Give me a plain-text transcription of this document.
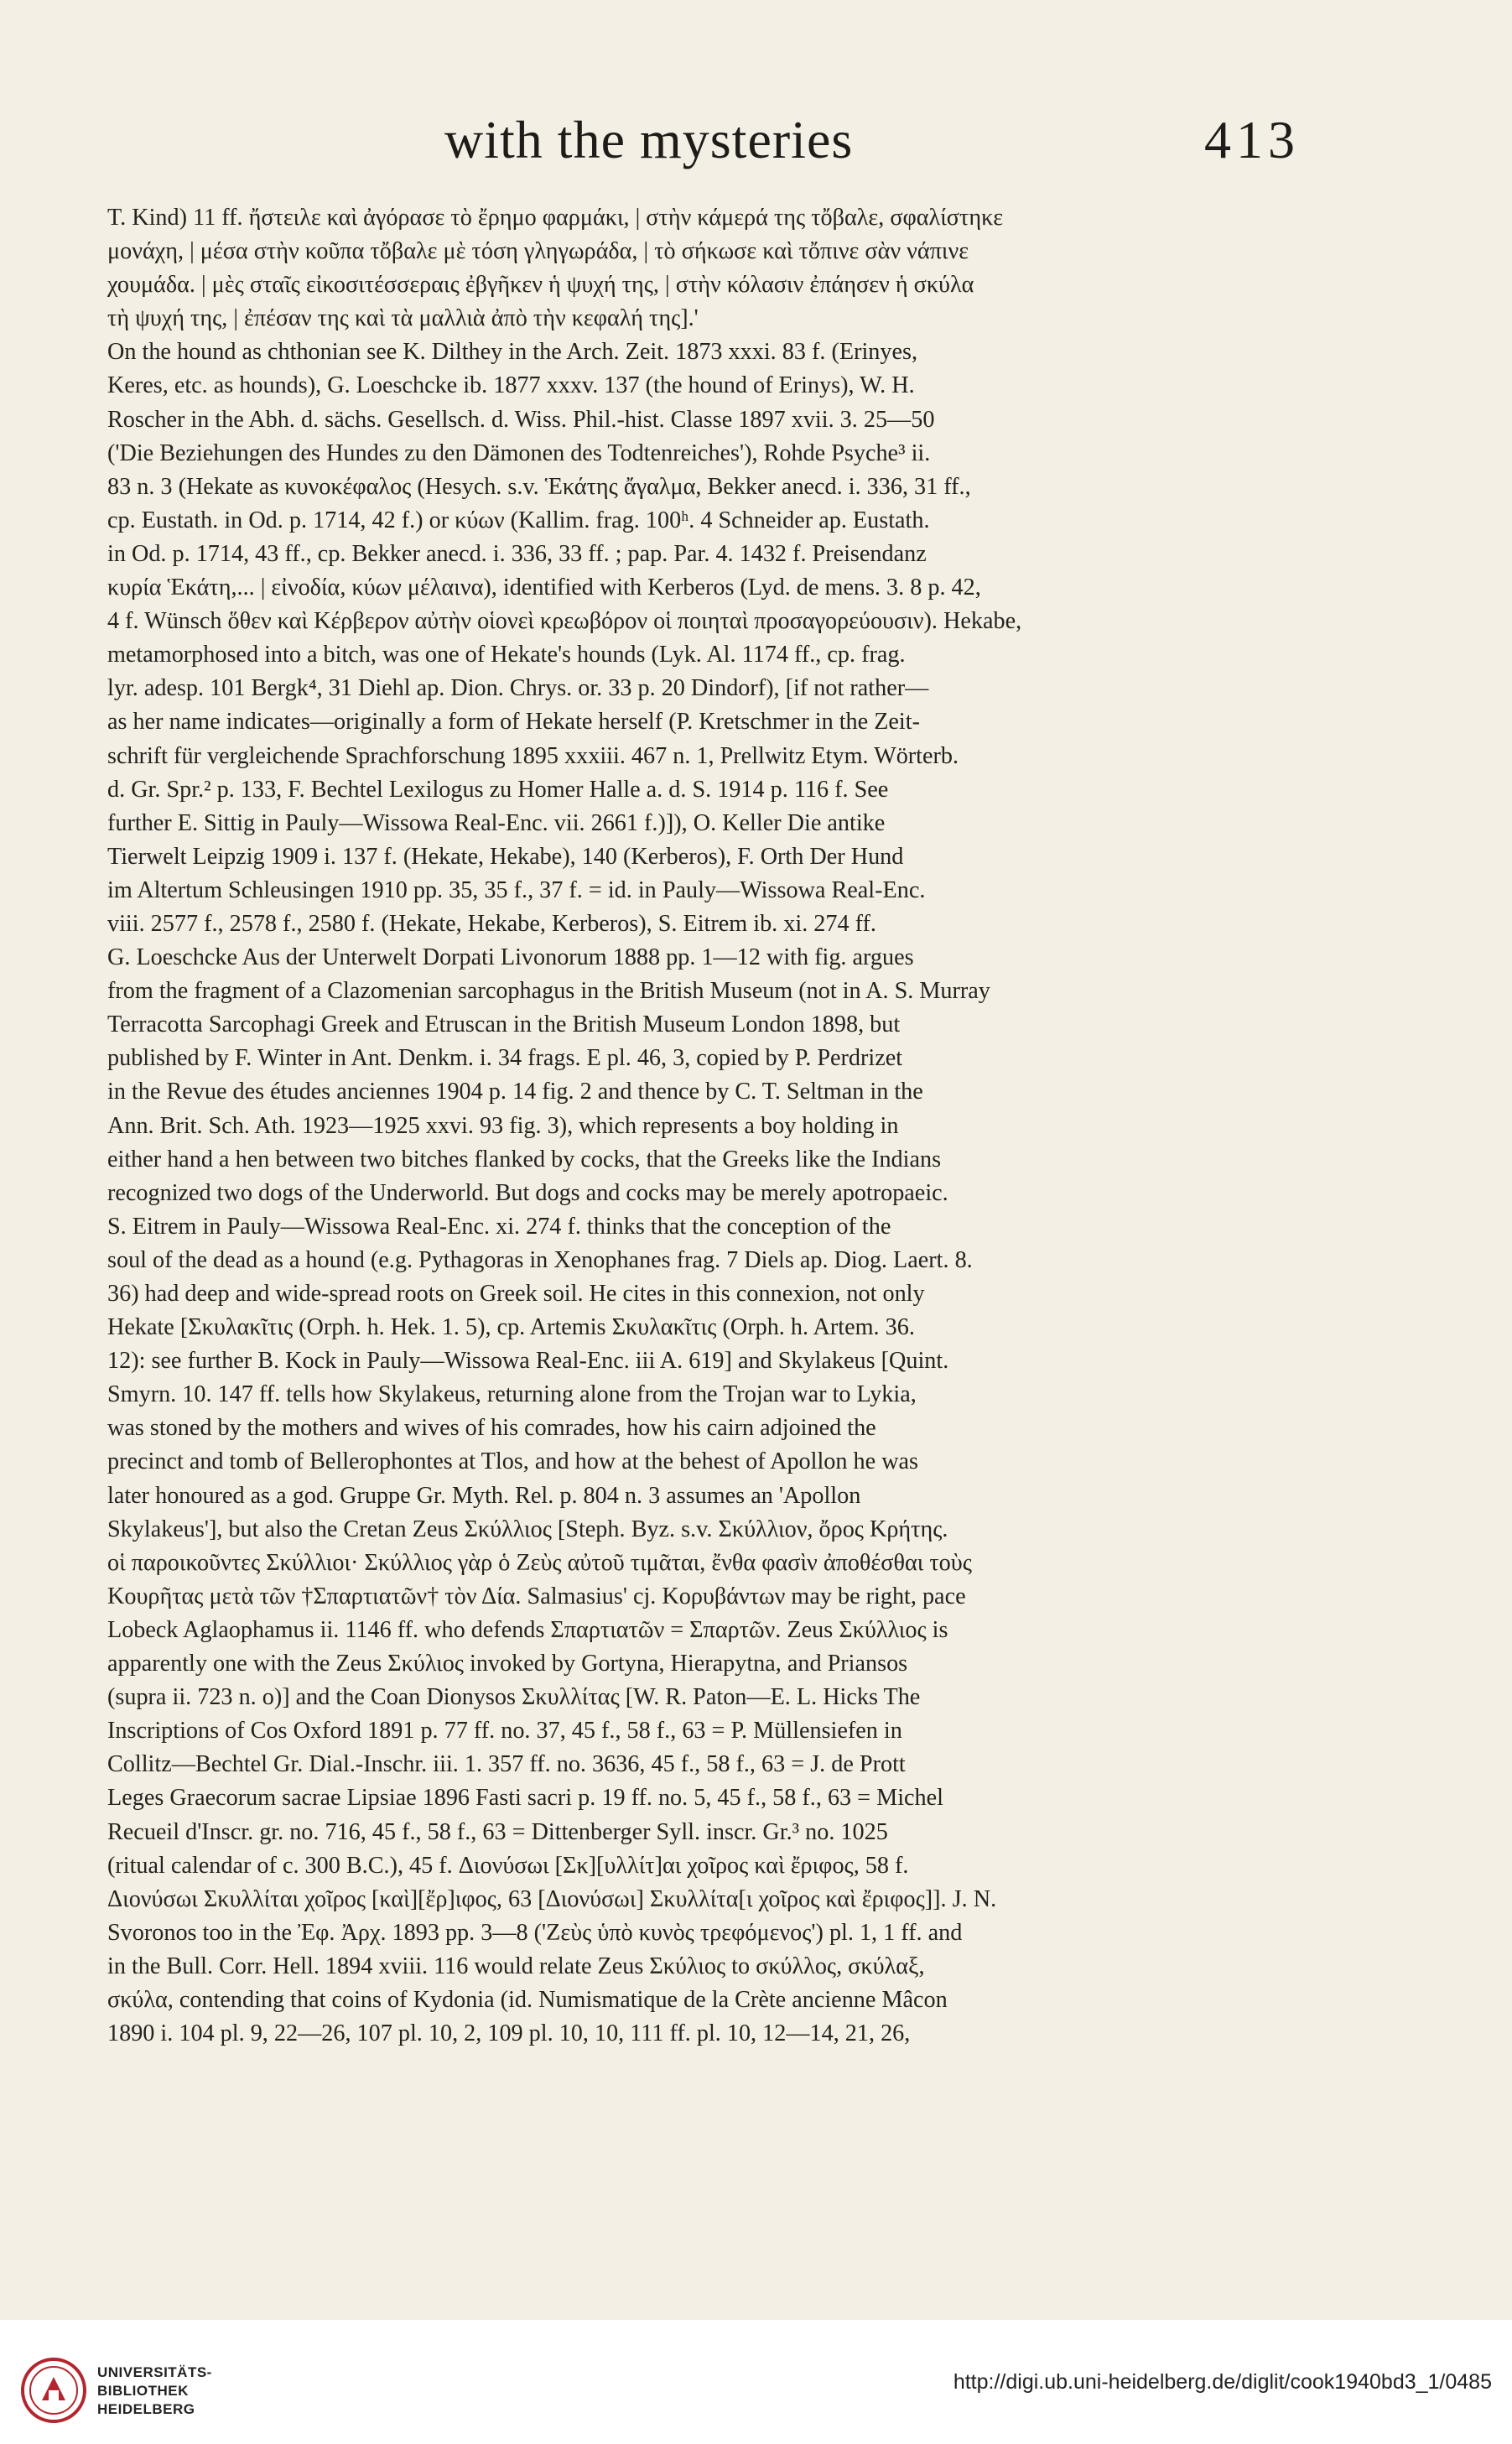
with the mysteries	413

T. Kind) 11 ff. ἤστειλε καὶ ἀγόρασε τὸ ἔρημο φαρμάκι, | στὴν κάμερά της τὄβαλε, σφαλίστηκε

μονάχη, | μέσα στὴν κοῦπα τὄβαλε μὲ τόση γληγωράδα, | τὸ σήκωσε καὶ τὄπινε σὰν νάπινε

χουμάδα. | μὲς σταῖς εἰκοσιτέσσεραις ἐβγῆκεν ἡ ψυχή της, | στὴν κόλασιν ἐπάησεν ἡ σκύλα

τὴ ψυχή της, | ἐπέσαν της καὶ τὰ μαλλιὰ ἀπὸ τὴν κεφαλή της].'

On the hound as chthonian see K. Dilthey in the Arch. Zeit. 1873 xxxi. 83 f. (Erinyes,

Keres, etc. as hounds), G. Loeschcke ib. 1877 xxxv. 137 (the hound of Erinys), W. H.

Roscher in the Abh. d. sächs. Gesellsch. d. Wiss. Phil.-hist. Classe 1897 xvii. 3. 25—50

('Die Beziehungen des Hundes zu den Dämonen des Todtenreiches'), Rohde Psyche³ ii.

83 n. 3 (Hekate as κυνοκέφαλος (Hesych. s.v. Ἑκάτης ἄγαλμα, Bekker anecd. i. 336, 31 ff.,

cp. Eustath. in Od. p. 1714, 42 f.) or κύων (Kallim. frag. 100ʰ. 4 Schneider ap. Eustath.

in Od. p. 1714, 43 ff., cp. Bekker anecd. i. 336, 33 ff. ; pap. Par. 4. 1432 f. Preisendanz

κυρία Ἑκάτη,... | εἰνοδία, κύων μέλαινα), identified with Kerberos (Lyd. de mens. 3. 8 p. 42,

4 f. Wünsch ὅθεν καὶ Κέρβερον αὐτὴν οἱονεὶ κρεωβόρον οἱ ποιηταὶ προσαγορεύουσιν). Hekabe,

metamorphosed into a bitch, was one of Hekate's hounds (Lyk. Al. 1174 ff., cp. frag.

lyr. adesp. 101 Bergk⁴, 31 Diehl ap. Dion. Chrys. or. 33 p. 20 Dindorf), [if not rather—

as her name indicates—originally a form of Hekate herself (P. Kretschmer in the Zeit-

schrift für vergleichende Sprachforschung 1895 xxxiii. 467 n. 1, Prellwitz Etym. Wörterb.

d. Gr. Spr.² p. 133, F. Bechtel Lexilogus zu Homer Halle a. d. S. 1914 p. 116 f. See

further E. Sittig in Pauly—Wissowa Real-Enc. vii. 2661 f.)]), O. Keller Die antike

Tierwelt Leipzig 1909 i. 137 f. (Hekate, Hekabe), 140 (Kerberos), F. Orth Der Hund

im Altertum Schleusingen 1910 pp. 35, 35 f., 37 f. = id. in Pauly—Wissowa Real-Enc.

viii. 2577 f., 2578 f., 2580 f. (Hekate, Hekabe, Kerberos), S. Eitrem ib. xi. 274 ff.

G. Loeschcke Aus der Unterwelt Dorpati Livonorum 1888 pp. 1—12 with fig. argues

from the fragment of a Clazomenian sarcophagus in the British Museum (not in A. S. Murray

Terracotta Sarcophagi Greek and Etruscan in the British Museum London 1898, but

published by F. Winter in Ant. Denkm. i. 34 frags. E pl. 46, 3, copied by P. Perdrizet

in the Revue des études anciennes 1904 p. 14 fig. 2 and thence by C. T. Seltman in the

Ann. Brit. Sch. Ath. 1923—1925 xxvi. 93 fig. 3), which represents a boy holding in

either hand a hen between two bitches flanked by cocks, that the Greeks like the Indians

recognized two dogs of the Underworld. But dogs and cocks may be merely apotropaeic.

S. Eitrem in Pauly—Wissowa Real-Enc. xi. 274 f. thinks that the conception of the

soul of the dead as a hound (e.g. Pythagoras in Xenophanes frag. 7 Diels ap. Diog. Laert. 8.

36) had deep and wide-spread roots on Greek soil. He cites in this connexion, not only

Hekate [Σκυλακῖτις (Orph. h. Hek. 1. 5), cp. Artemis Σκυλακῖτις (Orph. h. Artem. 36.

12): see further B. Kock in Pauly—Wissowa Real-Enc. iii A. 619] and Skylakeus [Quint.

Smyrn. 10. 147 ff. tells how Skylakeus, returning alone from the Trojan war to Lykia,

was stoned by the mothers and wives of his comrades, how his cairn adjoined the

precinct and tomb of Bellerophontes at Tlos, and how at the behest of Apollon he was

later honoured as a god. Gruppe Gr. Myth. Rel. p. 804 n. 3 assumes an 'Apollon

Skylakeus'], but also the Cretan Zeus Σκύλλιος [Steph. Byz. s.v. Σκύλλιον, ὄρος Κρήτης.

οἱ παροικοῦντες Σκύλλιοι· Σκύλλιος γὰρ ὁ Ζεὺς αὐτοῦ τιμᾶται, ἔνθα φασὶν ἀποθέσθαι τοὺς

Κουρῆτας μετὰ τῶν †Σπαρτιατῶν† τὸν Δία. Salmasius' cj. Κορυβάντων may be right, pace

Lobeck Aglaophamus ii. 1146 ff. who defends Σπαρτιατῶν = Σπαρτῶν. Zeus Σκύλλιος is

apparently one with the Zeus Σκύλιος invoked by Gortyna, Hierapytna, and Priansos

(supra ii. 723 n. o)] and the Coan Dionysos Σκυλλίτας [W. R. Paton—E. L. Hicks The

Inscriptions of Cos Oxford 1891 p. 77 ff. no. 37, 45 f., 58 f., 63 = P. Müllensiefen in

Collitz—Bechtel Gr. Dial.-Inschr. iii. 1. 357 ff. no. 3636, 45 f., 58 f., 63 = J. de Prott

Leges Graecorum sacrae Lipsiae 1896 Fasti sacri p. 19 ff. no. 5, 45 f., 58 f., 63 = Michel

Recueil d'Inscr. gr. no. 716, 45 f., 58 f., 63 = Dittenberger Syll. inscr. Gr.³ no. 1025

(ritual calendar of c. 300 B.C.), 45 f. Διονύσωι [Σκ][υλλίτ]αι χοῖρος καὶ ἔριφος, 58 f.

Διονύσωι Σκυλλίται χοῖρος [καὶ][ἔρ]ιφος, 63 [Διονύσωι] Σκυλλίτα[ι χοῖρος καὶ ἔριφος]]. J. N.

Svoronos too in the Ἐφ. Ἀρχ. 1893 pp. 3—8 ('Ζεὺς ὑπὸ κυνὸς τρεφόμενος') pl. 1, 1 ff. and

in the Bull. Corr. Hell. 1894 xviii. 116 would relate Zeus Σκύλιος to σκύλλος, σκύλαξ,

σκύλα, contending that coins of Kydonia (id. Numismatique de la Crète ancienne Mâcon

1890 i. 104 pl. 9, 22—26, 107 pl. 10, 2, 109 pl. 10, 10, 111 ff. pl. 10, 12—14, 21, 26,

UNIVERSITÄTS-
BIBLIOTHEK
HEIDELBERG
http://digi.ub.uni-heidelberg.de/diglit/cook1940bd3_1/0485
